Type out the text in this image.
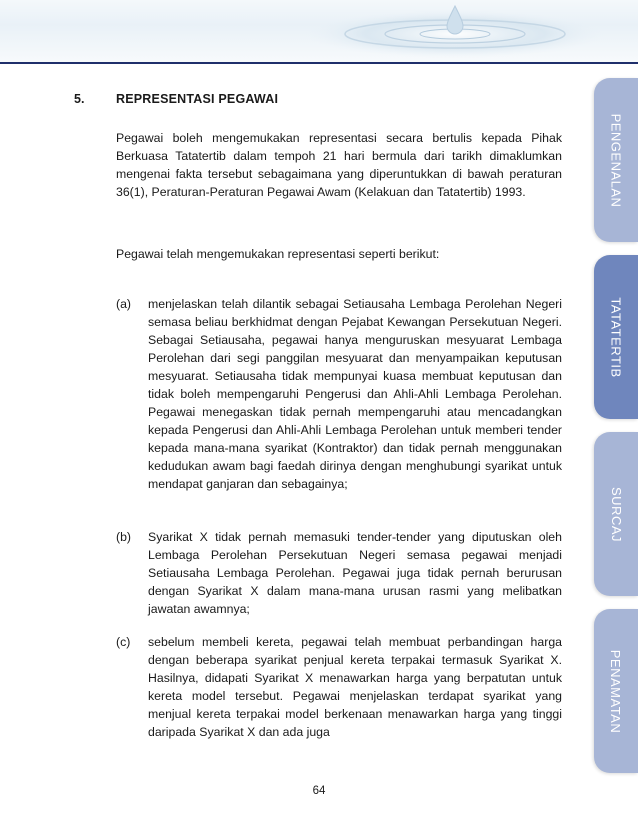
5.	REPRESENTASI PEGAWAI

Pegawai boleh mengemukakan representasi secara bertulis kepada Pihak Berkuasa Tatatertib dalam tempoh 21 hari bermula dari tarikh dimaklumkan mengenai fakta tersebut sebagaimana yang diperuntukkan di bawah peraturan 36(1), Peraturan-Peraturan Pegawai Awam (Kelakuan dan Tatatertib) 1993.

Pegawai telah mengemukakan representasi seperti berikut:

(a) menjelaskan telah dilantik sebagai Setiausaha Lembaga Perolehan Negeri semasa beliau berkhidmat dengan Pejabat Kewangan Persekutuan Negeri. Sebagai Setiausaha, pegawai hanya menguruskan mesyuarat Lembaga Perolehan dari segi panggilan mesyuarat dan menyampaikan keputusan mesyuarat. Setiausaha tidak mempunyai kuasa membuat keputusan dan tidak boleh mempengaruhi Pengerusi dan Ahli-Ahli Lembaga Perolehan. Pegawai menegaskan tidak pernah mempengaruhi atau mencadangkan kepada Pengerusi dan Ahli-Ahli Lembaga Perolehan untuk memberi tender kepada mana-mana syarikat (Kontraktor) dan tidak pernah menggunakan kedudukan awam bagi faedah dirinya dengan menghubungi syarikat untuk mendapat ganjaran dan sebagainya;

(b) Syarikat X tidak pernah memasuki tender-tender yang diputuskan oleh Lembaga Perolehan Persekutuan Negeri semasa pegawai menjadi Setiausaha Lembaga Perolehan. Pegawai juga tidak pernah berurusan dengan Syarikat X dalam mana-mana urusan rasmi yang melibatkan jawatan awamnya;

(c) sebelum membeli kereta, pegawai telah membuat perbandingan harga dengan beberapa syarikat penjual kereta terpakai termasuk Syarikat X. Hasilnya, didapati Syarikat X menawarkan harga yang berpatutan untuk kereta model tersebut. Pegawai menjelaskan terdapat syarikat yang menjual kereta terpakai model berkenaan menawarkan harga yang tinggi daripada Syarikat X dan ada juga

PENGENALAN
TATATERTIB
SURCAJ
PENAMATAN
64
